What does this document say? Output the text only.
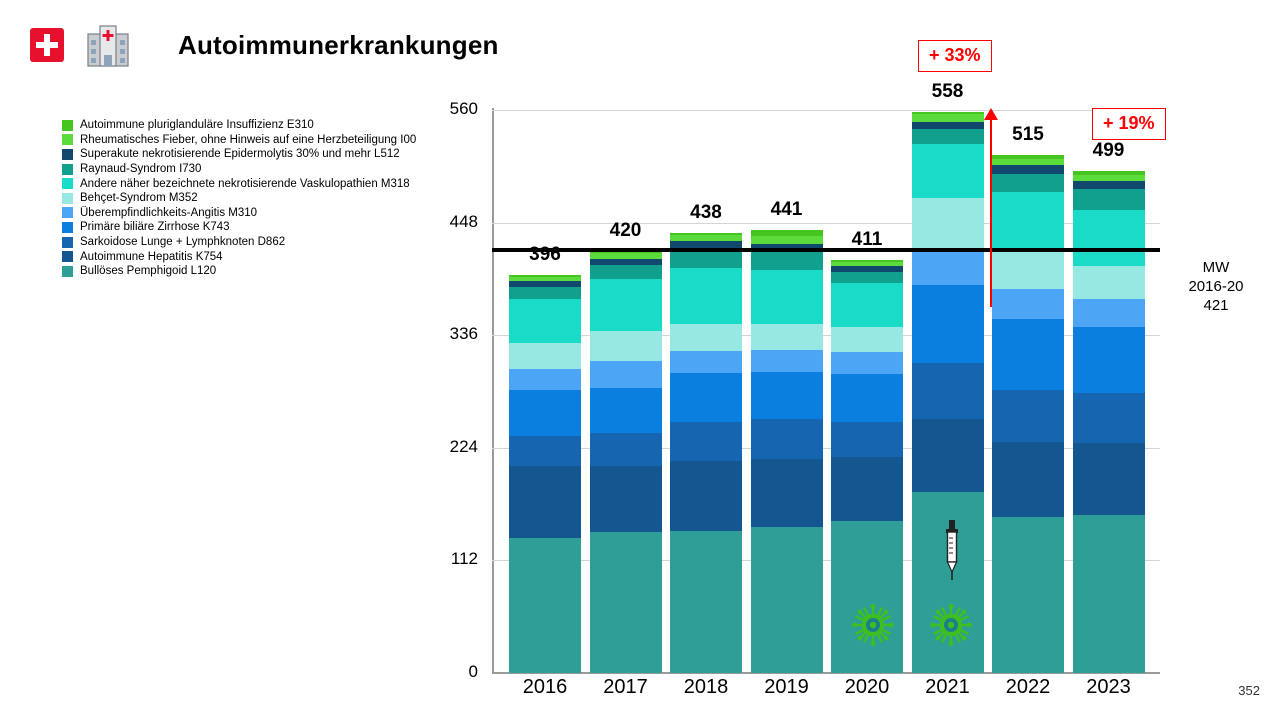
Autoimmunerkrankungen
Autoimmune pluriglanduläre Insuffizienz E310
Rheumatisches Fieber, ohne Hinweis auf eine Herzbeteiligung I00
Superakute nekrotisierende Epidermolytis 30% und mehr L512
Raynaud-Syndrom I730
Andere näher bezeichnete nekrotisierende Vaskulopathien M318
Behçet-Syndrom M352
Überempfindlichkeits-Angitis M310
Primäre biliäre Zirrhose K743
Sarkoidose Lunge + Lymphknoten D862
Autoimmune Hepatitis K754
Bullöses Pemphigoid L120
0
112
224
336
448
560
2016	2017	2018	2019	2020	2021	2022	2023
MW
2016-20
421
+ 33%
+ 19%
396
420
438	441
411
558
515
499
352
